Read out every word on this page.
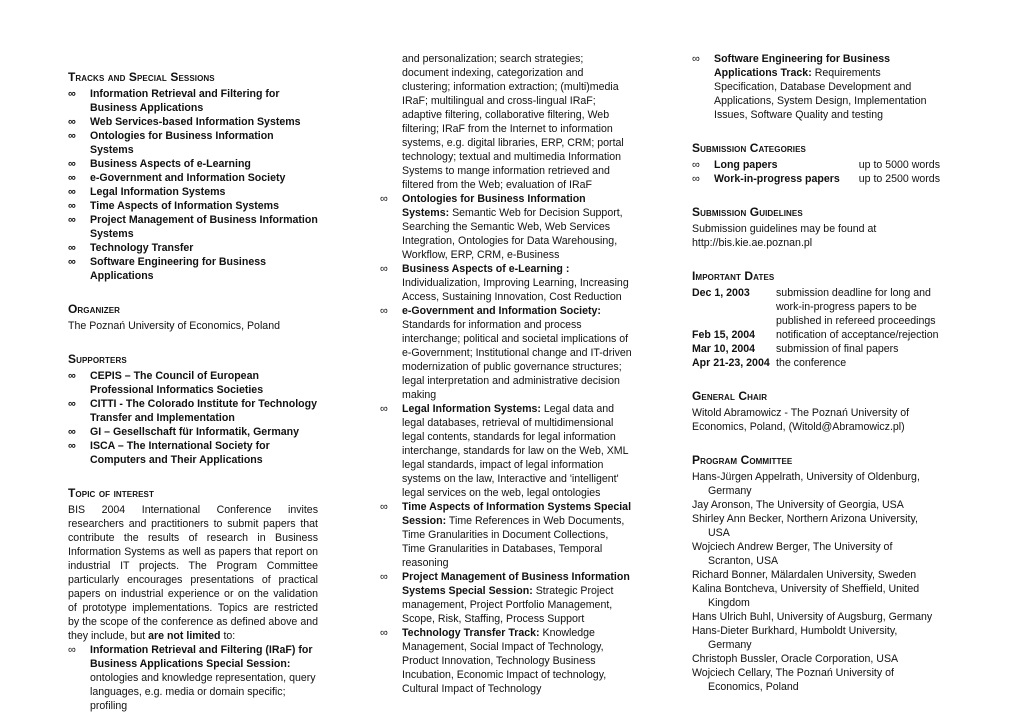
Tracks and Special Sessions
∞ Information Retrieval and Filtering for Business Applications
∞ Web Services-based Information Systems
∞ Ontologies for Business Information Systems
∞ Business Aspects of e-Learning
∞ e-Government and Information Society
∞ Legal Information Systems
∞ Time Aspects of Information Systems
∞ Project Management of Business Information Systems
∞ Technology Transfer
∞ Software Engineering for Business Applications
Organizer
The Poznań University of Economics, Poland
Supporters
∞ CEPIS – The Council of European Professional Informatics Societies
∞ CITTI - The Colorado Institute for Technology Transfer and Implementation
∞ GI – Gesellschaft für Informatik, Germany
∞ ISCA – The International Society for Computers and Their Applications
Topic of interest
BIS 2004 International Conference invites researchers and practitioners to submit papers that contribute the results of research in Business Information Systems as well as papers that report on industrial IT projects. The Program Committee particularly encourages presentations of practical papers on industrial experience or on the validation of prototype implementations. Topics are restricted by the scope of the conference as defined above and they include, but are not limited to:
∞ Information Retrieval and Filtering (IRaF) for Business Applications Special Session: ontologies and knowledge representation, query languages, e.g. media or domain specific; profiling
and personalization; search strategies; document indexing, categorization and clustering; information extraction; (multi)media IRaF; multilingual and cross-lingual IRaF; adaptive filtering, collaborative filtering, Web filtering; IRaF from the Internet to information systems, e.g. digital libraries, ERP, CRM; portal technology; textual and multimedia Information Systems to mange information retrieved and filtered from the Web; evaluation of IRaF
∞ Ontologies for Business Information Systems: Semantic Web for Decision Support, Searching the Semantic Web, Web Services Integration, Ontologies for Data Warehousing, Workflow, ERP, CRM, e-Business
∞ Business Aspects of e-Learning : Individualization, Improving Learning, Increasing Access, Sustaining Innovation, Cost Reduction
∞ e-Government and Information Society: Standards for information and process interchange; political and societal implications of e-Government; Institutional change and IT-driven modernization of public governance structures; legal interpretation and administrative decision making
∞ Legal Information Systems: Legal data and legal databases, retrieval of multidimensional legal contents, standards for legal information interchange, standards for law on the Web, XML legal standards, impact of legal information systems on the law, Interactive and 'intelligent' legal services on the web, legal ontologies
∞ Time Aspects of Information Systems Special Session: Time References in Web Documents, Time Granularities in Document Collections, Time Granularities in Databases, Temporal reasoning
∞ Project Management of Business Information Systems Special Session: Strategic Project management, Project Portfolio Management, Scope, Risk, Staffing, Process Support
∞ Technology Transfer Track: Knowledge Management, Social Impact of Technology, Product Innovation, Technology Business Incubation, Economic Impact of technology, Cultural Impact of Technology
∞ Software Engineering for Business Applications Track: Requirements Specification, Database Development and Applications, System Design, Implementation Issues, Software Quality and testing
Submission Categories
∞ Long papers	up to 5000 words
∞ Work-in-progress papers up to 2500 words
Submission Guidelines
Submission guidelines may be found at http://bis.kie.ae.poznan.pl
Important Dates
Dec 1, 2003	submission deadline for long and work-in-progress papers to be published in refereed proceedings
Feb 15, 2004	notification of acceptance/rejection
Mar 10, 2004	submission of final papers
Apr 21-23, 2004 the conference
General Chair
Witold Abramowicz - The Poznań University of Economics, Poland, (Witold@Abramowicz.pl)
Program Committee
Hans-Jürgen Appelrath, University of Oldenburg, Germany
Jay Aronson, The University of Georgia, USA
Shirley Ann Becker, Northern Arizona University, USA
Wojciech Andrew Berger, The University of Scranton, USA
Richard Bonner, Mälardalen University, Sweden
Kalina Bontcheva, University of Sheffield, United Kingdom
Hans Ulrich Buhl, University of Augsburg, Germany
Hans-Dieter Burkhard, Humboldt University, Germany
Christoph Bussler, Oracle Corporation, USA
Wojciech Cellary, The Poznań University of Economics, Poland
